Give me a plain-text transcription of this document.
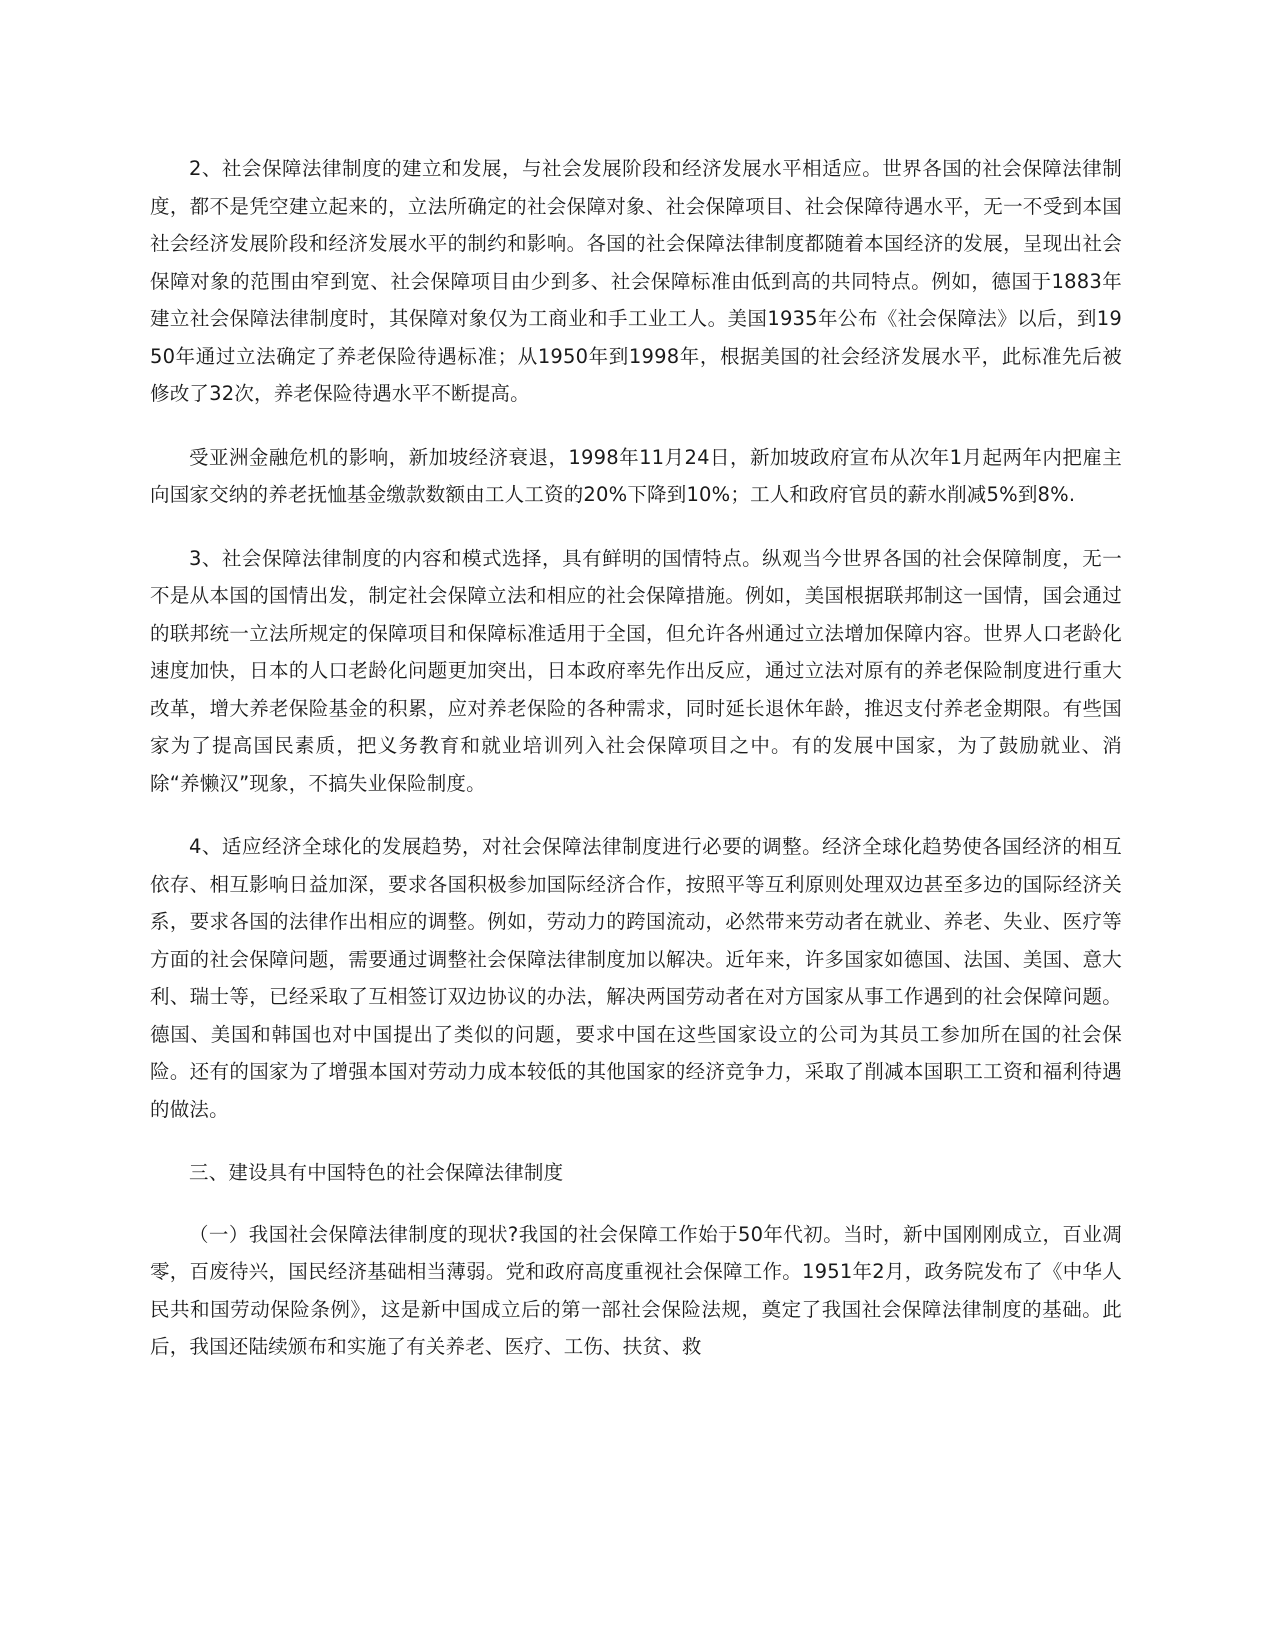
2、社会保障法律制度的建立和发展，与社会发展阶段和经济发展水平相适应。世界各国的社会保障法律制度，都不是凭空建立起来的，立法所确定的社会保障对象、社会保障项目、社会保障待遇水平，无一不受到本国社会经济发展阶段和经济发展水平的制约和影响。各国的社会保障法律制度都随着本国经济的发展，呈现出社会保障对象的范围由窄到宽、社会保障项目由少到多、社会保障标准由低到高的共同特点。例如，德国于1883年建立社会保障法律制度时，其保障对象仅为工商业和手工业工人。美国1935年公布《社会保障法》以后，到1950年通过立法确定了养老保险待遇标准；从1950年到1998年，根据美国的社会经济发展水平，此标准先后被修改了32次，养老保险待遇水平不断提高。

受亚洲金融危机的影响，新加坡经济衰退，1998年11月24日，新加坡政府宣布从次年1月起两年内把雇主向国家交纳的养老抚恤基金缴款数额由工人工资的20%下降到10%；工人和政府官员的薪水削减5%到8%.

3、社会保障法律制度的内容和模式选择，具有鲜明的国情特点。纵观当今世界各国的社会保障制度，无一不是从本国的国情出发，制定社会保障立法和相应的社会保障措施。例如，美国根据联邦制这一国情，国会通过的联邦统一立法所规定的保障项目和保障标准适用于全国，但允许各州通过立法增加保障内容。世界人口老龄化速度加快，日本的人口老龄化问题更加突出，日本政府率先作出反应，通过立法对原有的养老保险制度进行重大改革，增大养老保险基金的积累，应对养老保险的各种需求，同时延长退休年龄，推迟支付养老金期限。有些国家为了提高国民素质，把义务教育和就业培训列入社会保障项目之中。有的发展中国家，为了鼓励就业、消除“养懒汉”现象，不搞失业保险制度。

4、适应经济全球化的发展趋势，对社会保障法律制度进行必要的调整。经济全球化趋势使各国经济的相互依存、相互影响日益加深，要求各国积极参加国际经济合作，按照平等互利原则处理双边甚至多边的国际经济关系，要求各国的法律作出相应的调整。例如，劳动力的跨国流动，必然带来劳动者在就业、养老、失业、医疗等方面的社会保障问题，需要通过调整社会保障法律制度加以解决。近年来，许多国家如德国、法国、美国、意大利、瑞士等，已经采取了互相签订双边协议的办法，解决两国劳动者在对方国家从事工作遇到的社会保障问题。德国、美国和韩国也对中国提出了类似的问题，要求中国在这些国家设立的公司为其员工参加所在国的社会保险。还有的国家为了增强本国对劳动力成本较低的其他国家的经济竞争力，采取了削减本国职工工资和福利待遇的做法。

三、建设具有中国特色的社会保障法律制度

（一）我国社会保障法律制度的现状?我国的社会保障工作始于50年代初。当时，新中国刚刚成立，百业凋零，百废待兴，国民经济基础相当薄弱。党和政府高度重视社会保障工作。1951年2月，政务院发布了《中华人民共和国劳动保险条例》，这是新中国成立后的第一部社会保险法规，奠定了我国社会保障法律制度的基础。此后，我国还陆续颁布和实施了有关养老、医疗、工伤、扶贫、救
